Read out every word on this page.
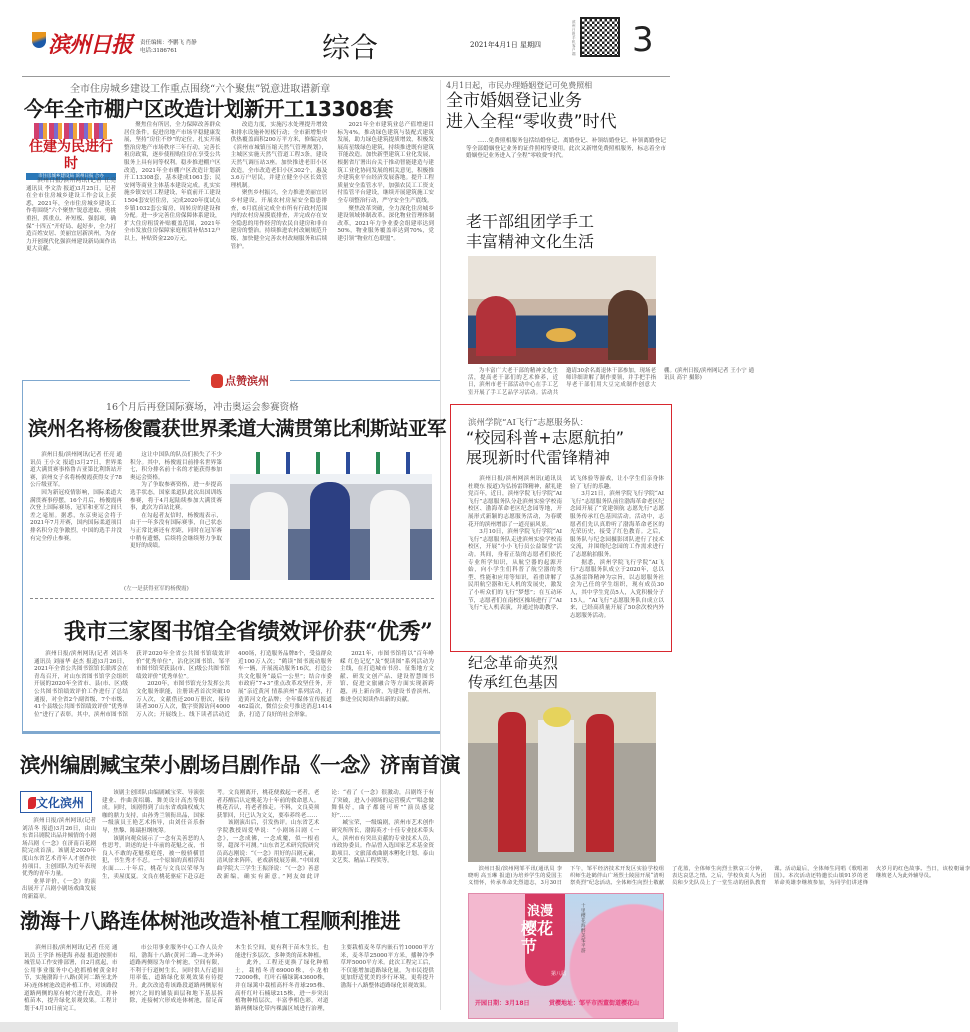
滨州日报 责任编辑：李鹏飞 肖静
电话:3186761	综合	2021年4月1日 星期四
滨州日报手机客户端 3
全市住房城乡建设工作重点围绕“六个聚焦”锐意进取谱新章
今年全市棚户区改造计划新开工13308套
住建为民进行时
市住房城乡建设局 滨州日报 合办

滨州日报/滨州网讯(记者 任亮 通讯员 李文浩 报道)3月25日，记者在全市住房城乡建设工作会议上获悉，2021年，全市住房城乡建设工作将围绕“六个聚焦”锐意进取、勇挑重担，抓重点、补短板、强弱项，确保“十四五”开好局、起好步，全力打造百姓安居、美丽宜居新滨州，为奋力开创现代化强滨州建设新局面作出更大贡献。

聚焦住有所居，全力保障改善群众居住条件。促进房地产市场平稳健康发展，坚持“房住不炒”的定位，扎实开展整治房地产市场秩序三年行动，完善长租房政策，逐步使租购住房在享受公共服务上具有同等权利。稳步推进棚户区改造，2021年全市棚户区改造计划新开工13308套，基本建成1061套；民安网等商业主体基本建设完成。扎实实施乡镇安居工程建设，年底前开工建设1504套安居住房，完成2020年度试点乡镇1032套公寓房，周转房的建设和分配。进一步完善住房保障体系建设，扩大住房租赁补贴覆盖范围，2021年全市发放住房保障家庭租赁补贴512户以上，补贴资金220万元。

改造力度，实施污水处理提升增效和排水设施补短板行动；全市新增集中供热覆盖面积200万平方米，修编完成《滨州市城镇压缩天然气管理规划》，主城区实施天然气管道工程3条，建设天然气调压站3座。加快推进老旧小区改造，全市改造老旧小区302个，惠及3.6万户居民，并建立健全小区长效管理机制。

聚焦乡村振兴，全力推进美丽宜居乡村建设。开展农村房屋安全隐患排查，6月底前完成全市所有行政村范围内的农村房屋摸底排查，并完成存在安全隐患的用作经营的农民自建房和非自建房的整治。持续推进农村改厕规范升级，加快健全完善农村改厕服务和后续管护。

2021年全市建筑业总产值增速目标为4%。推动绿色建筑与装配式建筑发展，助力绿色建筑提质增效，积极发展高星级绿色建筑，持续推进既有建筑节能改造。加快新型建筑工业化发展，根据省厅署出台关于推动智能建造与建筑工业化协同发展的相关意见，积极推介建筑业平台经济发展落地。提升工程质量安全监管水平，加强农民工工资支付监管平台建设，继续开展建筑施工安全专项整治行动，严守安全生产底线。

聚焦改革突破，全力深化住房城乡建设领域体制改革。深化物业管理体制改革，2021年力争业委会组建率达到50%，物业服务覆盖率达到70%，党建引领“物业红色联盟”。

4月1日起，市民办理婚姻登记可免费照相
全市婚姻登记业务
进入全程“零收费”时代

……免费照相服务包括结婚登记、离婚登记、补领结婚登记、补领离婚登记等全部婚姻登记业务的证件照相等费用。此次又新增免费照相服务，标志着全市婚姻登记业务进入了全程“零收费”时代。

老干部组团学手工
丰富精神文化生活

为丰富广大老干部的精神文化生活，提高老干部们的艺术修养，近日，滨州市老干部活动中心在手工艺室开展了手工艺品学习活动。活动共邀请30余名离退休干部参加，现场老师详细讲解了制作要领，并手把手指导老干部们用大豆完成制作创意大棚。(滨州日报/滨州网记者 王小宁 通讯员 高宇 摄影)

滨州学院“AI飞行”志愿服务队：
“校园科普+志愿航拍”
展现新时代雷锋精神

滨州日报/滨州网滨州讯(通讯员 杜晓东 报道)为弘扬雷锋精神，献礼建党百年，近日，滨州学院飞行学院“AI飞行”志愿服务队分赴滨州实验学校南校区、渤海革命老区纪念园等地，开展形式新颖的志愿服务活动，为春暖花开的滨州增添了一道亮丽风景。

3月10日，滨州学院飞行学院“AI飞行”志愿服务队走进滨州实验学校南校区，开展“小小飞行员公益课堂”活动。其间，身着正装的志愿者们依托专业所学知识，从航空器的起源开始，向小学生们科普了航空器的类型、性能和应用等知识，着重讲解了民用航空器和无人机的发展史，激发了小听众们的飞行“梦想”；在互动环节，志愿者们在南校区操场进行了“AI飞行”无人机表演，并通过协助教学、试飞体验等游戏，让小学生们亲身体验了飞行的乐趣。

3月21日，滨州学院飞行学院“AI飞行”志愿服务队前往渤海革命老区纪念园开展了“党建领航 志愿先行”志愿服务传承红色基因活动。活动中，志愿者们先认真聆听了渤海革命老区的光荣历史，接受了红色教育。之后，服务队与纪念园摄影团队进行了技术交流，并围绕纪念园的工作需求进行了志愿航拍服务。

据悉，滨州学院飞行学院“AI飞行”志愿服务队成立于2020年，总以弘扬雷锋精神为宗旨，以志愿服务社会为己任的学生组织，现有成员30人，其中学生党员5人，入党积极分子15人。“AI飞行”志愿服务队自成立以来，已经高质量开展了50余次校内外志愿服务活动。

纪念革命英烈
传承红色基因

滨州日报/滨州网邹平讯(通讯员 李晓明 高玉琳 报道)为培养学生的爱国主义情怀，传承革命先烈遗志，3月30日下午，邹平经济技术开发区实验学校组织师生赴鹤伴山广场烈士陵园开展“清明祭英烈”纪念活动。全体师生向烈士敬献了花篮，全体师生向烈士默哀三分钟，表达哀思之情。之后，学校负责人为团员和少先队员上了一堂生动的团队教育课。活动最后，全体师生同唱《歌唱祖国》。本次活动还特邀长山镇91岁的老革命英雄李继坡参加，为同学们讲述烽火岁月的红色故事。当日，该校朝诵李继坡老人为此外辅导员。

浪漫
樱花节
第八届
十里樱花海 醉美邹平游
开园日期：3月18日	赏樱地址：邹平市西董街道樱花山
点赞滨州
16个月后再登国际赛场，冲击奥运会参赛资格
滨州名将杨俊霞获世界柔道大满贯第比利斯站亚军

滨州日报/滨州网讯(记者 任亮 通讯员 王小文 报道)3月27日，世界柔道大满贯赛事格鲁吉亚第比利斯站开赛，滨州女子名将杨俊霞获得女子78公斤级亚军。

因为新冠疫情影响，国际柔道大满贯赛事停摆，16个月后，杨俊霞再次登上国际赛场，冠军和亚军之间只差之毫厘。据悉，东京奥运会将于2021年7月开赛，国内国际柔道项目排名积分竞争激烈，中国的选手并没有完全停止参赛。

这让中国队的队员们损失了不少积分。其中，杨俊霞目前排名世界第七，积分排名前十名的才能获得参加奥运会资格。

为了争取参赛资格，进一步提高选手状态，国家柔道队此次出国训练参赛，将于4月起陆续参加大满贯赛事，此次为首站比赛。

在勾起者友信时，杨俊霞表示，由于一年多没有国际赛事，自己状态与正常比赛还有差距，同时在冠军赛中稍有遗憾，后续将会继续努力争取更好的成绩。

(左一是获得亚军的杨俊霞)
我市三家图书馆全省绩效评价获“优秀”

滨州日报/滨州网讯(记者 刘洁冬 通讯员 刘丽华 赵杰 报道)3月26日，2021年全省公共图书馆馆长联席会在青岛召开，对山东省图书馆学会组织开展的2020年全省市、县(市、区)级公共图书馆绩效评价工作进行了总结通报，对全省2个副省级、7个市级、41个县级公共图书馆绩效评价“优秀单位”进行了表彰。其中，滨州市图书馆获评2020年全省公共图书馆绩效评价“优秀单位”，沾化区图书馆、邹平市图书馆荣获县(市、区)级公共图书馆绩效评价“优秀单位”。

2020年，市图书馆充分发挥公共文化服务职能，注册读者首次突破10万人次，文献借还200万册次，接待读者300万人次，数字资源访问4000万人次；开展线上、线下读者活动近400场，打造服务品牌8个，受益群众近100万人次；“鹤读”图书流动服务车一辆，开展流动服务16次，打造公共文化服务“最后一公里”；结合市委市政府“7+3”重点改革攻坚任务，开展“亲近黄河 情系滨州”系列活动，打造黄河文化品牌；全年媒体宣传报道462篇次，微信公众号推送消息1414条，打造了良好的社会形象。

2021年，市图书馆将以“百年峥嵘 红色记忆”及“悦读图”系列活动为主线，在打造城市书房、征集地方文献、研发文创产品、建设智慧图书馆、促进文旅融合等方面实现新跨越，再上新台阶，为建设书香滨州、推进全民阅读作出新的贡献。

滨州编剧臧宝荣小剧场吕剧作品《一念》济南首演
文化滨州

滨州日报/滨州网讯(记者 刘洁冬 报道)3月26日，由山东省吕剧院出品并倾情的小剧场吕剧《一念》在济南百花剧院完成首演。该剧是2020年度山东省艺术青年人才创作扶持项目，主创团队为近年表现优秀的青年力量。

业界评价，《一念》的演出展开了吕剧小剧场戏曲发展的新篇章。

该剧主创团队由编剧臧宝荣、导演张建业、作曲黄绍璐、舞美设计高杰等组成。同时，该剧得到了山东省戏曲权威大咖的鼎力支持，由孙秀兰领衔出品，国家一级演员王艳艺术指导，由刘任音乐指导，焦黎、陈瑞担纲统筹。

该剧向观众展示了一念有关善恶的人性思考，讲述的是十年前的花魁之夜，书良人不敢的花魁蔡庭莲，被一般骄横冒犯，书生秀才不忍。一个原始的真相浮出水面……十年后，桃花与文良以荣辱为生，卖屋度夏。文良在桃花驱症下赴京赶考。文良刚离开，桃花便救起一老者，老者苏醒后认定桃花为十年前的救命恩人。桃花否认，将老者推走。不料，文良莫须获罪回，只已认为文义，要奉养终老……

该剧演出后，引发热评。山东省艺术学院教授周爱华说：“小剧场吕剧《一念》，一念成佛，一念成魔，似一根看穿，超深不可测。”山东省艺术研究院研究员高志刚说：“《一念》用好的吕剧元素，清风徐来阵阵，老戏新枝展芳颜。”中国戏曲学院大三学生王振泽说：“《一念》善意改新编，确实有新意。”网友如此评论：“看了《一念》很激动，吕剧终于有了突破，进入小剧场的运营模式”“唱念做舞俱好，曲子都能可听”“演员感觉好”……

臧宝荣，一级编剧，滨州市艺术创作研究所所长，渤海英才·十佳专业技术带头人，滨州市有突出贡献的专业技术人员，市政协委员。作品曾入选国家艺术基金资助项目、文旅部戏曲剧本孵化计划、泰山文艺奖、精品工程奖等。

渤海十八路连体树池改造补植工程顺利推进

滨州日报/滨州网讯(记者 任亮 通讯员 王学泽 杨建海 孙磊 报道)按照市城管局工作安排部署，自2月底起，市公用事业服务中心抢抓植树黄金时节，实施渤海十八路(黄河二路至北外环)连体树池改造补植工作，对该路段道路两侧的原有树穴进行改造，并补植苗木，提升绿化景观效果。工程计划于4月10日前完工。

市公用事业服务中心工作人员介绍，渤海十八路(黄河二路—北外环)道路两侧原为单个树池，空间有限，不利于行道树生长，同时供人行道间用率低，道路绿化景观效果有待提升。此次改造将该路段道路两侧原有树穴之间的铺装面层和地下基层拆除，连接树穴形成连体树池，留足苗木生长空间，更有利于苗木生长，也能进行多层次、多种类的苗木种植。

此外，工程还更换了绿化种植土，栽植冬青69000株，小龙柏72000株，红叶石楠绿篱43600株，并在绿篱中栽植高杆冬青球295株、高杆红叶石楠球215株，进一步突出植物种植层次，丰富季相色彩，对道路两侧绿化带内裸露区域进行治理，主要栽植麦冬草内嵌石竹10000平方米，麦冬草25000平方米，播种冷季草坪5000平方米。此次工程完工后，不仅能增加道路绿化量，为市民提供更加舒适优美的步行环境，更将提升渤海十八路整体道路绿化景观效果。
